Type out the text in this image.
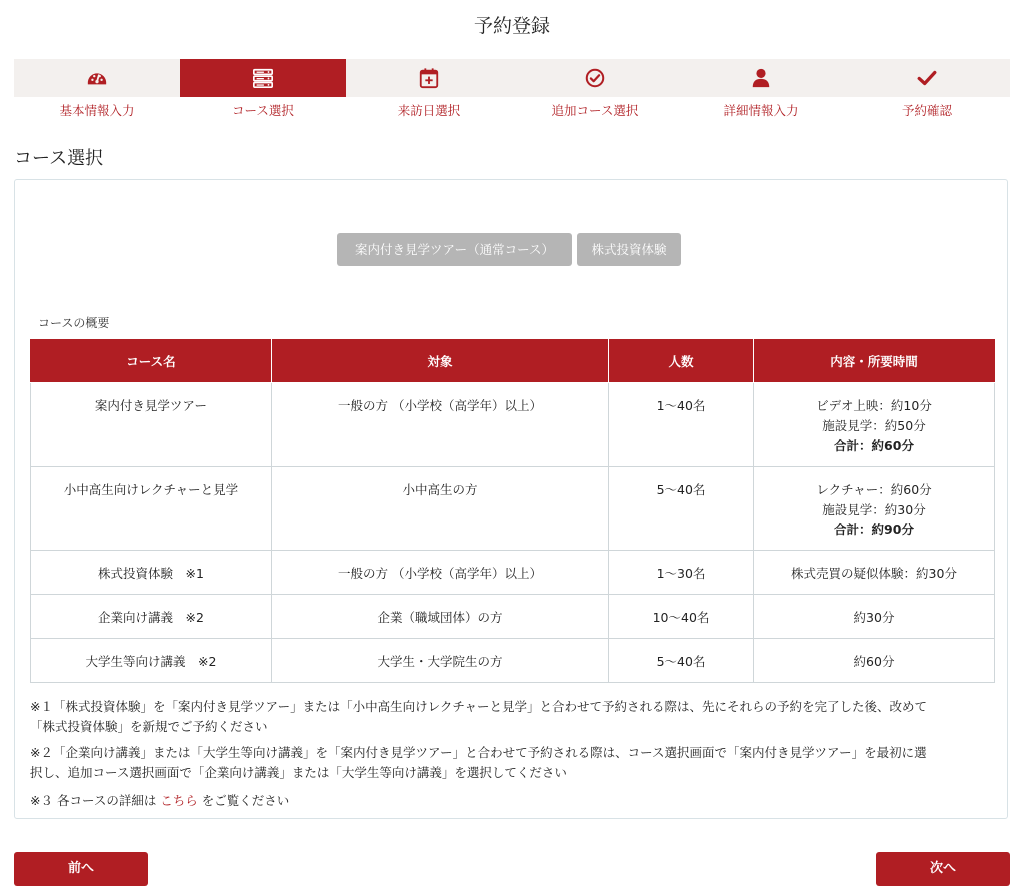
予約登録
基本情報入力	コース選択	来訪日選択	追加コース選択	詳細情報入力	予約確認
コース選択
案内付き見学ツアー（通常コース）	株式投資体験
コースの概要
コース名	対象	人数	内容・所要時間
案内付き見学ツアー	一般の方 （小学校（高学年）以上）	1〜40名	ビデオ上映：約10分
施設見学：約50分
合計：約60分

小中高生向けレクチャーと見学	小中高生の方	5〜40名	レクチャー：約60分
施設見学：約30分
合計：約90分

株式投資体験　※1	一般の方 （小学校（高学年）以上）	1〜30名	株式売買の疑似体験：約30分

企業向け講義　※2	企業（職域団体）の方	10〜40名	約30分

大学生等向け講義　※2	大学生・大学院生の方	5〜40名	約60分
※１「株式投資体験」を「案内付き見学ツアー」または「小中高生向けレクチャーと見学」と合わせて予約される際は、先にそれらの予約を完了した後、改めて
「株式投資体験」を新規でご予約ください
※２「企業向け講義」または「大学生等向け講義」を「案内付き見学ツアー」と合わせて予約される際は、コース選択画面で「案内付き見学ツアー」を最初に選
択し、追加コース選択画面で「企業向け講義」または「大学生等向け講義」を選択してください
※３ 各コースの詳細は こちら をご覧ください
前へ	次へ
